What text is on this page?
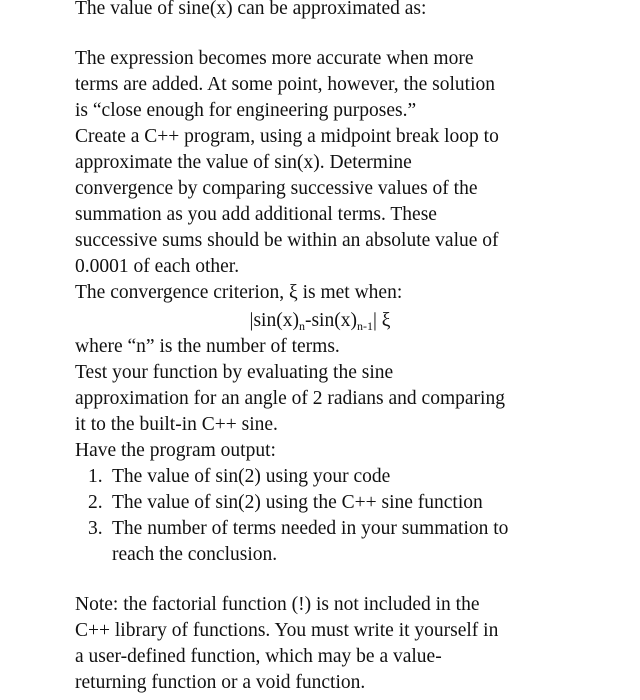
The value of sine(x) can be approximated as:
The expression becomes more accurate when more
terms are added. At some point, however, the solution
is “close enough for engineering purposes.”
Create a C++ program, using a midpoint break loop to
approximate the value of sin(x). Determine
convergence by comparing successive values of the
summation as you add additional terms. These
successive sums should be within an absolute value of
0.0001 of each other.
The convergence criterion, ξ is met when:
$|\sin(x)_n-\sin(x)_{n-1}|$ ξ
where “n” is the number of terms.
Test your function by evaluating the sine
approximation for an angle of 2 radians and comparing
it to the built-in C++ sine.
Have the program output:
1. The value of sin(2) using your code
2. The value of sin(2) using the C++ sine function
3. The number of terms needed in your summation to
reach the conclusion.
Note: the factorial function (!) is not included in the
C++ library of functions. You must write it yourself in
a user-defined function, which may be a value-
returning function or a void function.
